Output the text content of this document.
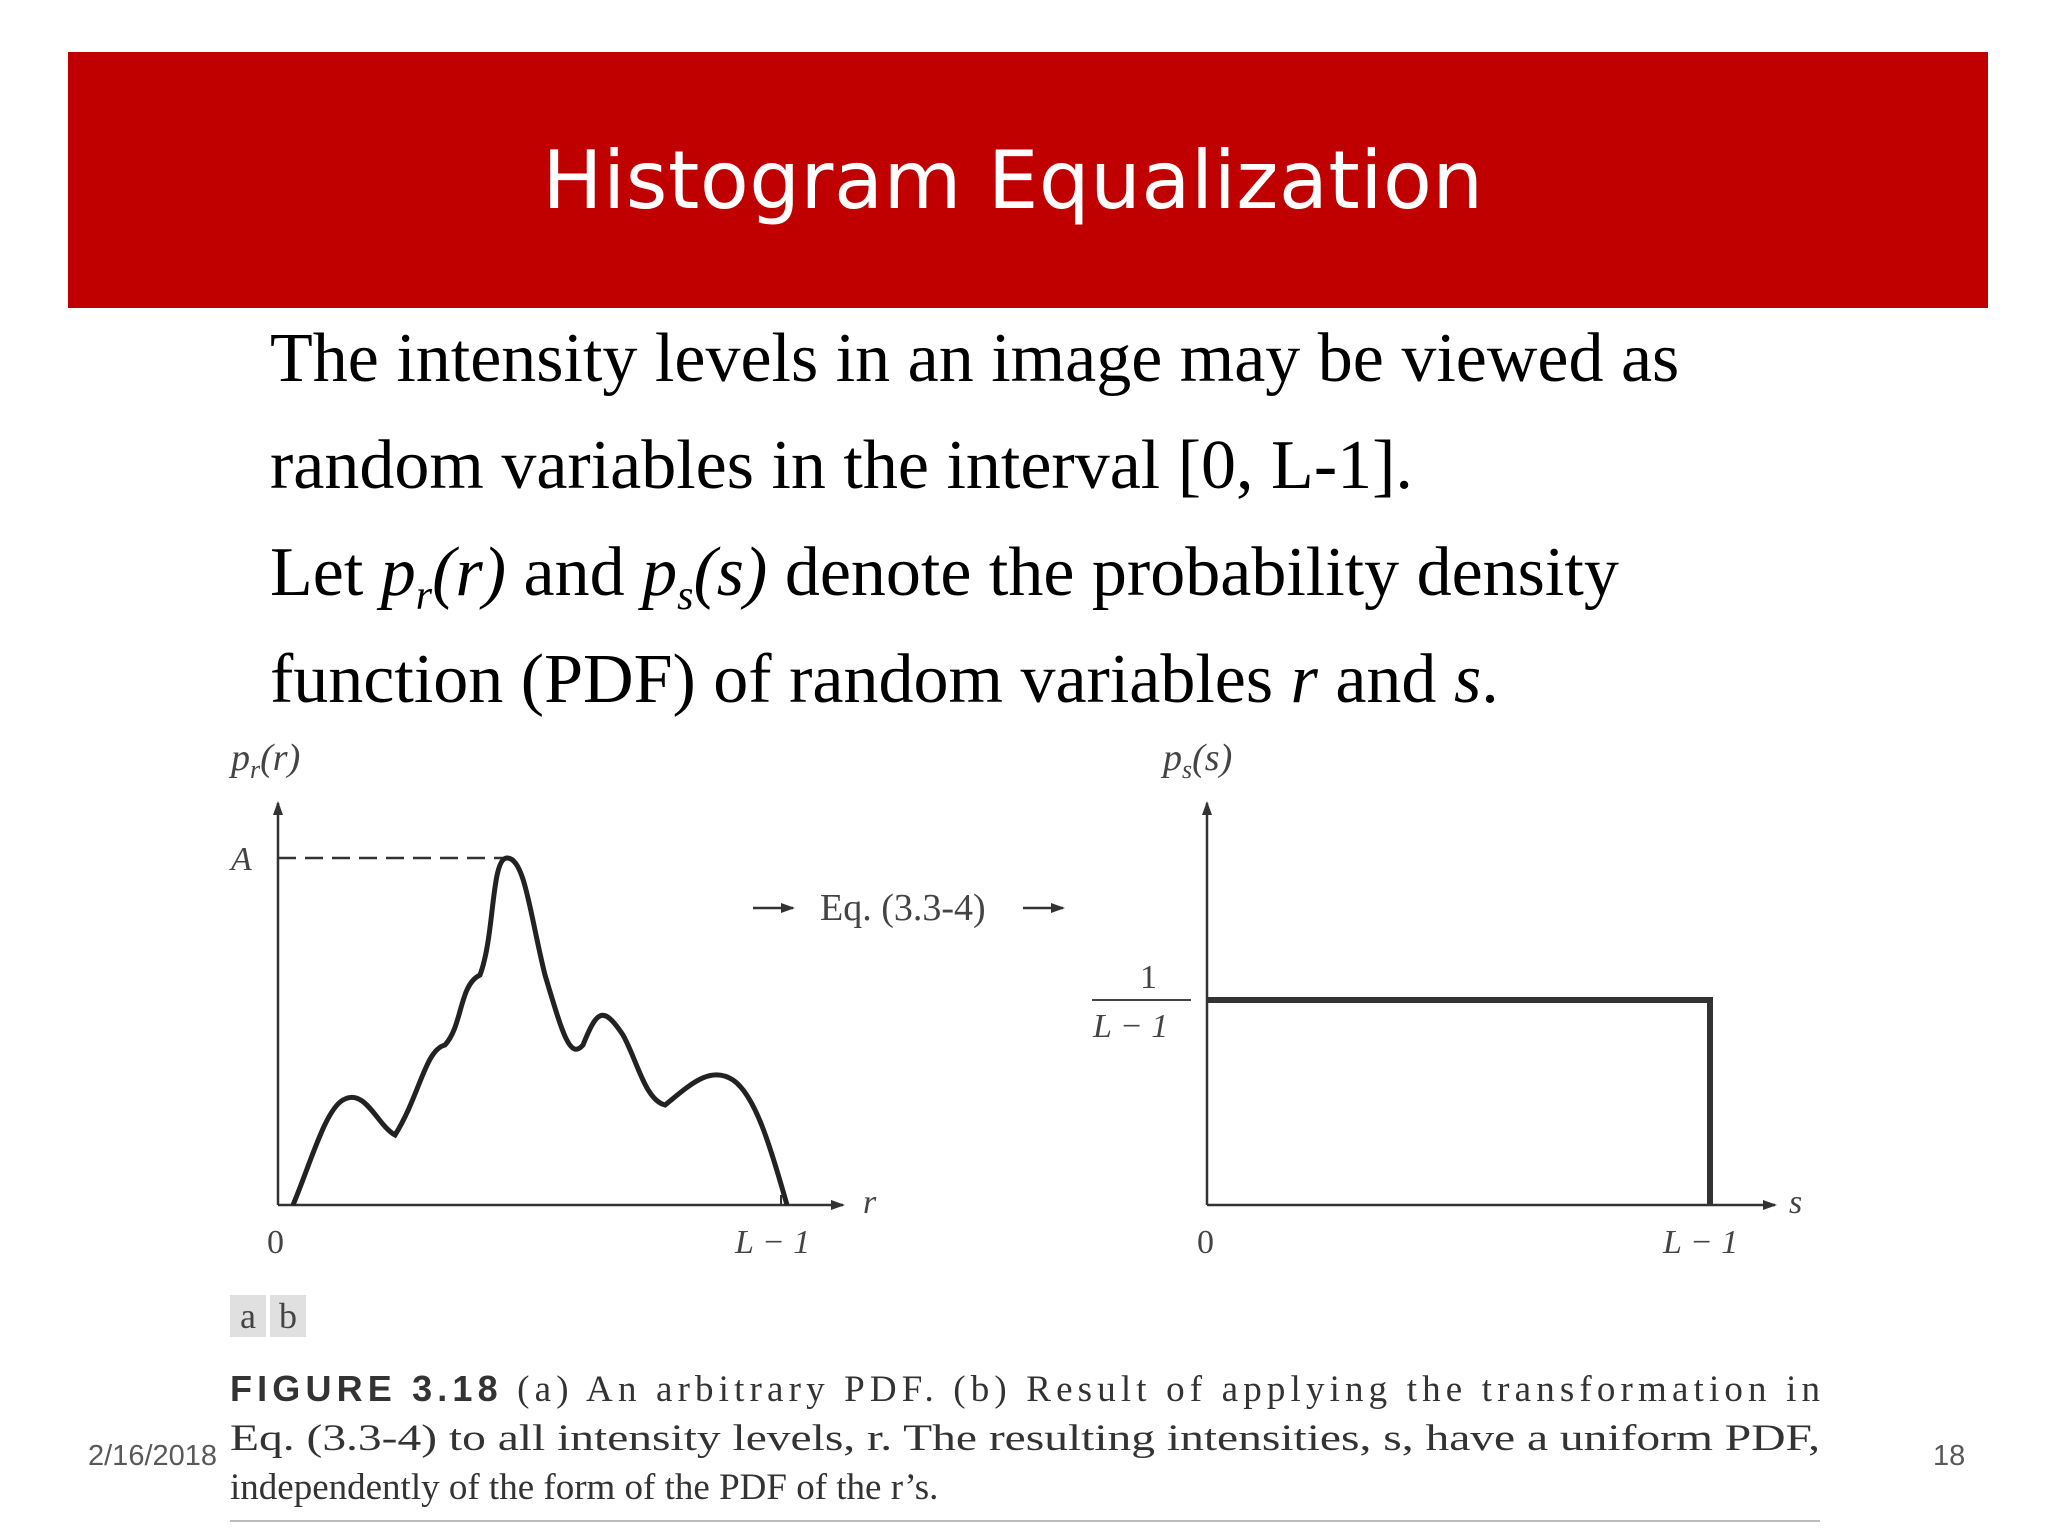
Histogram Equalization

The intensity levels in an image may be viewed as

random variables in the interval [0, L-1].

Let $p_r(r)$ and $p_s(s)$ denote the probability density

function (PDF) of random variables r and s.

$p_r(r)$
A
0	L − 1
r
Eq. (3.3-4)
$p_s(s)$
1
L − 1
0	L − 1
s
a b
FIGURE 3.18 (a) An arbitrary PDF. (b) Result of applying the transformation in
Eq. (3.3-4) to all intensity levels, r. The resulting intensities, s, have a uniform PDF,
independently of the form of the PDF of the r’s.
2/16/2018	18
